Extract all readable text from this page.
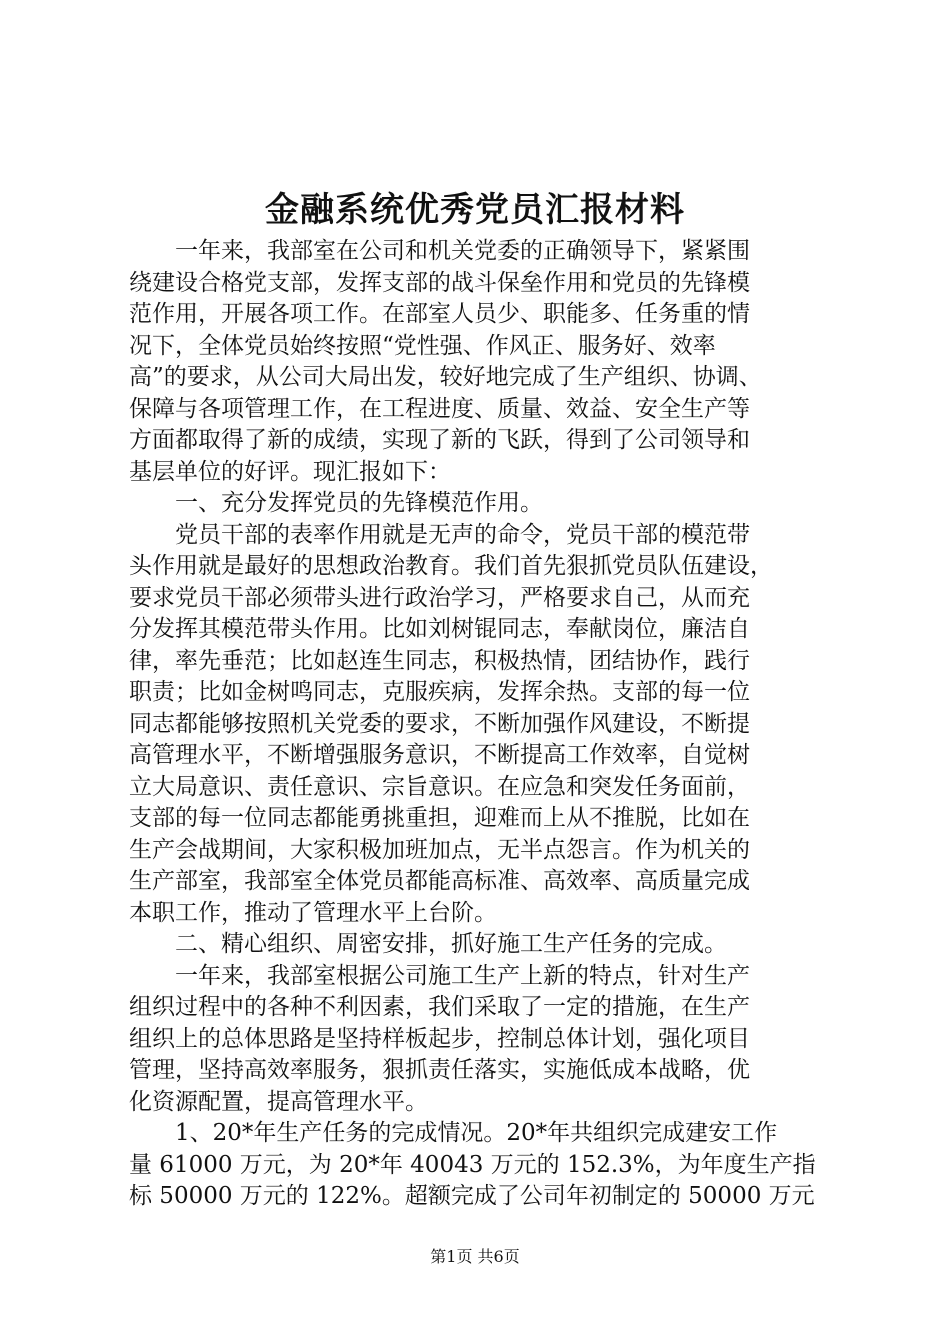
金融系统优秀党员汇报材料
　　一年来，我部室在公司和机关党委的正确领导下，紧紧围
绕建设合格党支部，发挥支部的战斗保垒作用和党员的先锋模
范作用，开展各项工作。在部室人员少、职能多、任务重的情
况下，全体党员始终按照“党性强、作风正、服务好、效率
高”的要求，从公司大局出发，较好地完成了生产组织、协调、
保障与各项管理工作，在工程进度、质量、效益、安全生产等
方面都取得了新的成绩，实现了新的飞跃，得到了公司领导和
基层单位的好评。现汇报如下：
　　一、充分发挥党员的先锋模范作用。
　　党员干部的表率作用就是无声的命令，党员干部的模范带
头作用就是最好的思想政治教育。我们首先狠抓党员队伍建设，
要求党员干部必须带头进行政治学习，严格要求自己，从而充
分发挥其模范带头作用。比如刘树锟同志，奉献岗位，廉洁自
律，率先垂范；比如赵连生同志，积极热情，团结协作，践行
职责；比如金树鸣同志，克服疾病，发挥余热。支部的每一位
同志都能够按照机关党委的要求，不断加强作风建设，不断提
高管理水平，不断增强服务意识，不断提高工作效率，自觉树
立大局意识、责任意识、宗旨意识。在应急和突发任务面前，
支部的每一位同志都能勇挑重担，迎难而上从不推脱，比如在
生产会战期间，大家积极加班加点，无半点怨言。作为机关的
生产部室，我部室全体党员都能高标准、高效率、高质量完成
本职工作，推动了管理水平上台阶。
　　二、精心组织、周密安排，抓好施工生产任务的完成。
　　一年来，我部室根据公司施工生产上新的特点，针对生产
组织过程中的各种不利因素，我们采取了一定的措施，在生产
组织上的总体思路是坚持样板起步，控制总体计划，强化项目
管理，坚持高效率服务，狠抓责任落实，实施低成本战略，优
化资源配置，提高管理水平。
　　1、20*年生产任务的完成情况。20*年共组织完成建安工作
量 61000 万元，为 20*年 40043 万元的 152.3%，为年度生产指
标 50000 万元的 122%。超额完成了公司年初制定的 50000 万元
第1页 共6页
